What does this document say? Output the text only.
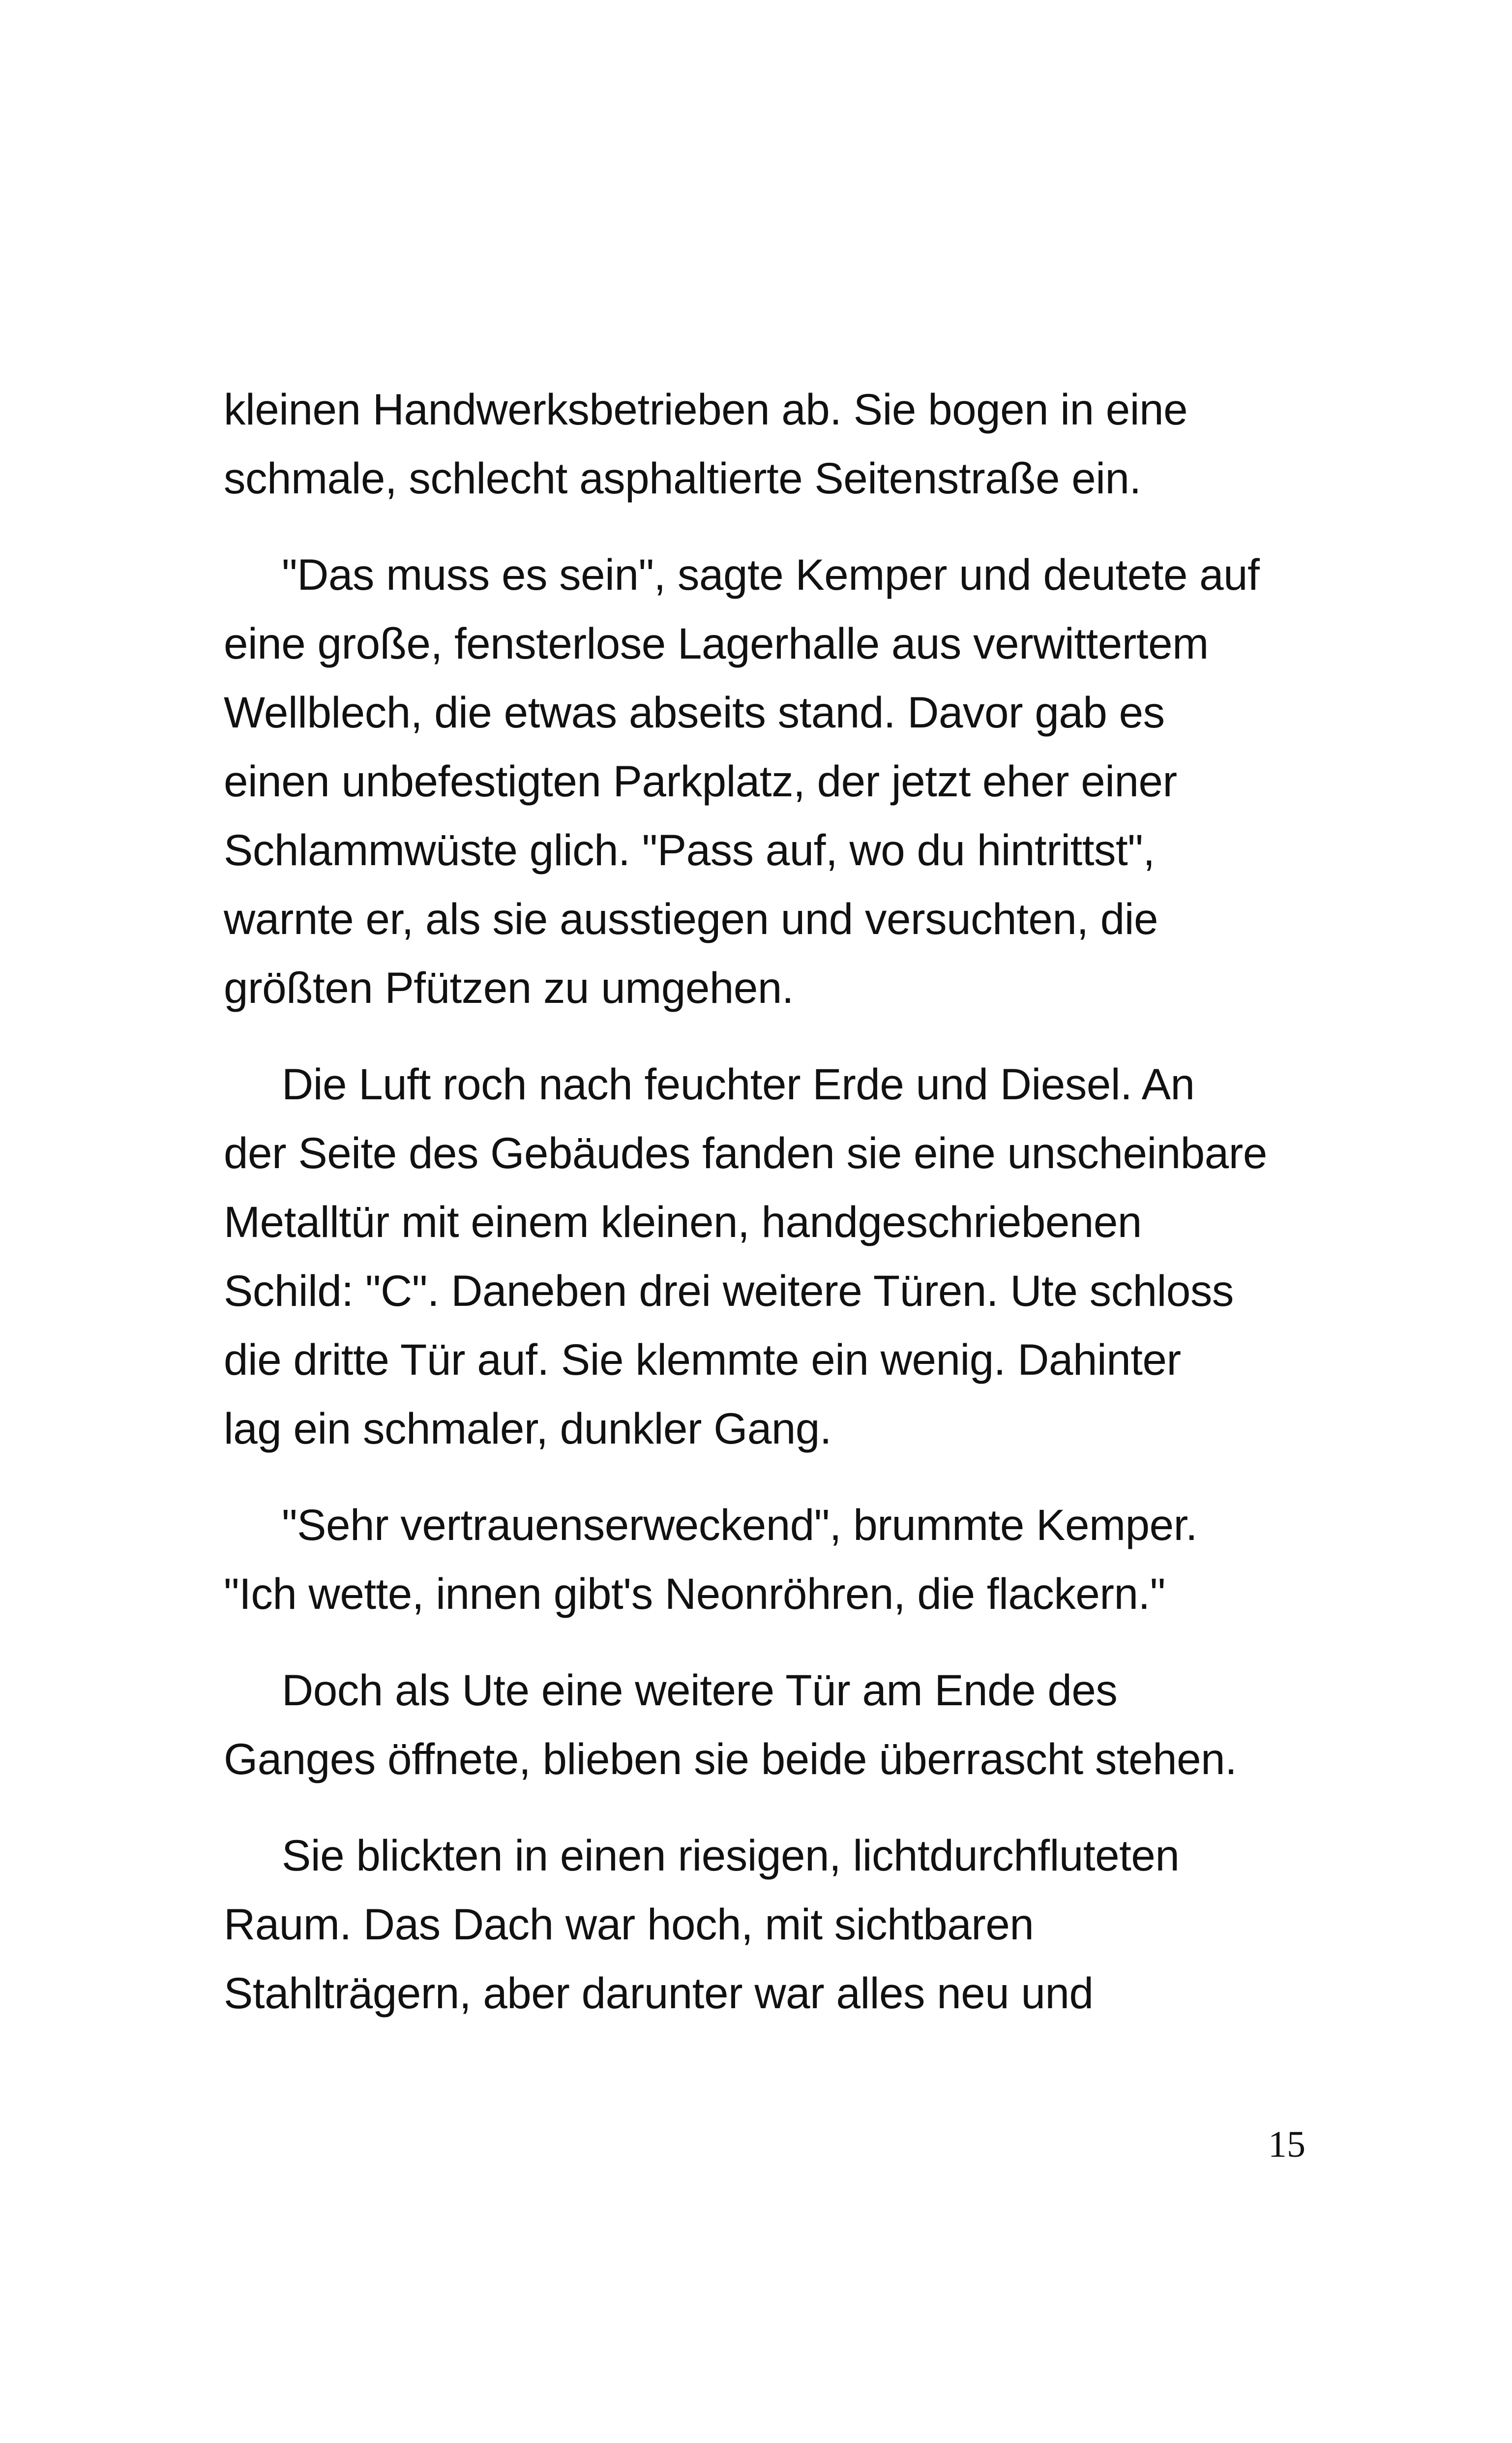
kleinen Handwerksbetrieben ab. Sie bogen in eine
schmale, schlecht asphaltierte Seitenstraße ein.

"Das muss es sein", sagte Kemper und deutete auf
eine große, fensterlose Lagerhalle aus verwittertem
Wellblech, die etwas abseits stand. Davor gab es
einen unbefestigten Parkplatz, der jetzt eher einer
Schlammwüste glich. "Pass auf, wo du hintrittst",
warnte er, als sie ausstiegen und versuchten, die
größten Pfützen zu umgehen.

Die Luft roch nach feuchter Erde und Diesel. An
der Seite des Gebäudes fanden sie eine unscheinbare
Metalltür mit einem kleinen, handgeschriebenen
Schild: "C". Daneben drei weitere Türen. Ute schloss
die dritte Tür auf. Sie klemmte ein wenig. Dahinter
lag ein schmaler, dunkler Gang.

"Sehr vertrauenserweckend", brummte Kemper.
"Ich wette, innen gibt's Neonröhren, die flackern."

Doch als Ute eine weitere Tür am Ende des
Ganges öffnete, blieben sie beide überrascht stehen.

Sie blickten in einen riesigen, lichtdurchfluteten
Raum. Das Dach war hoch, mit sichtbaren
Stahlträgern, aber darunter war alles neu und

15
